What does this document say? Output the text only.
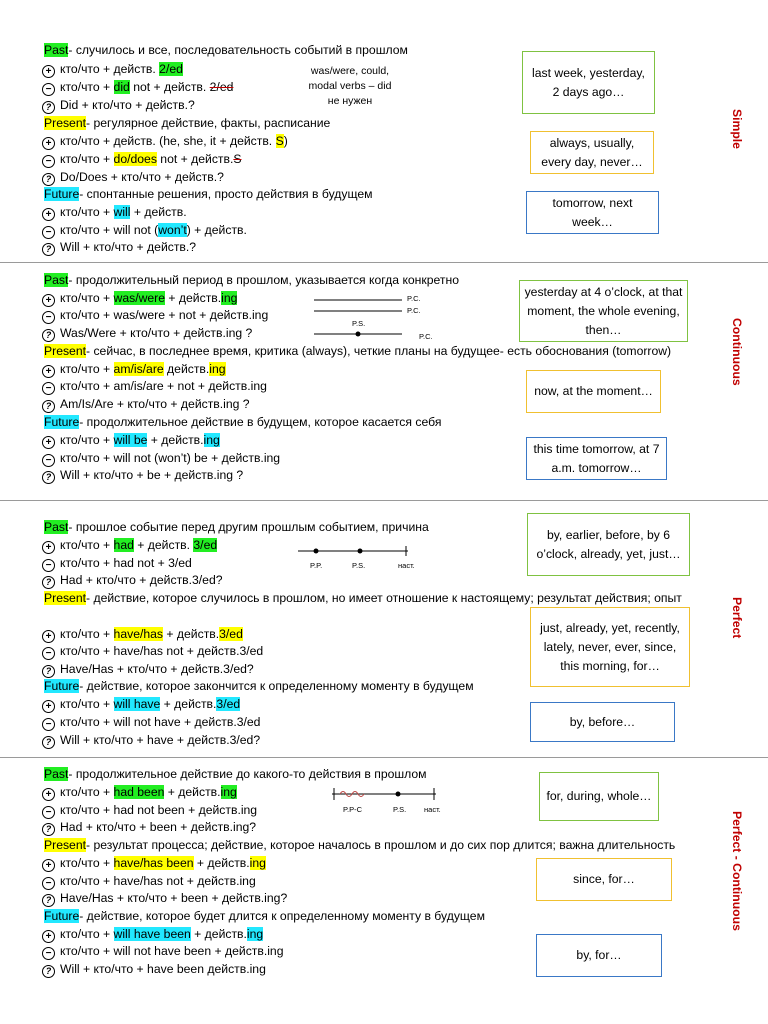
Past- случилось и все, последовательность событий в прошлом
+ кто/что + действ. 2/ed
− кто/что + did not + действ. 2/ed
? Did + кто/что + действ.?
was/were, could,
modal verbs – did
не нужен
Present- регулярное действие, факты, расписание
+ кто/что + действ. (he, she, it + действ. S)
− кто/что + do/does not + действ.S
? Do/Does + кто/что + действ.?
Future- спонтанные решения, просто действия в будущем
+ кто/что + will + действ.
− кто/что + will not (won’t) + действ.
? Will + кто/что + действ.?
last week, yesterday, 2 days ago…
always, usually, every day, never…
tomorrow, next week…
Simple
Past- продолжительный период в прошлом, указывается когда конкретно
+ кто/что + was/were + действ.ing
− кто/что + was/were + not + действ.ing
? Was/Were + кто/что + действ.ing ?
P.C.
P.C.
P.S.
P.C.
Present- сейчас, в последнее время, критика (always), четкие планы на будущее- есть обоснования (tomorrow)
+ кто/что + am/is/are действ.ing
− кто/что + am/is/are + not + действ.ing
? Am/Is/Are + кто/что + действ.ing ?
Future- продолжительное действие в будущем, которое касается себя
+ кто/что + will be + действ.ing
− кто/что + will not (won’t) be + действ.ing
? Will + кто/что + be + действ.ing ?
yesterday at 4 o’clock, at that moment, the whole evening, then…
now, at the moment…
this time tomorrow, at 7 a.m. tomorrow…
Continuous
Past- прошлое событие перед другим прошлым событием, причина
+ кто/что + had + действ. 3/ed
− кто/что + had not + 3/ed
? Had + кто/что + действ.3/ed?
P.P.	P.S.	наст.
Present- действие, которое случилось в прошлом, но имеет отношение к настоящему; результат действия; опыт
+ кто/что + have/has + действ.3/ed
− кто/что + have/has not + действ.3/ed
? Have/Has + кто/что + действ.3/ed?
Future- действие, которое закончится к определенному моменту в будущем
+ кто/что + will have + действ.3/ed
− кто/что + will not have + действ.3/ed
? Will + кто/что + have + действ.3/ed?
by, earlier, before, by 6 o’clock, already, yet, just…
just, already, yet, recently, lately, never, ever, since, this morning, for…
by, before…
Perfect
Past- продолжительное действие до какого-то действия в прошлом
+ кто/что + had been + действ.ing
− кто/что + had not been + действ.ing
? Had + кто/что + been + действ.ing?
P.P-C	P.S. наст.
Present- результат процесса; действие, которое началось в прошлом и до сих пор длится; важна длительность
+ кто/что + have/has been + действ.ing
− кто/что + have/has not + действ.ing
? Have/Has + кто/что + been + действ.ing?
Future- действие, которое будет длится к определенному моменту в будущем
+ кто/что + will have been + действ.ing
− кто/что + will not have been + действ.ing
? Will + кто/что + have been действ.ing
for, during, whole…
since, for…
by, for…
Perfect - Continuous
